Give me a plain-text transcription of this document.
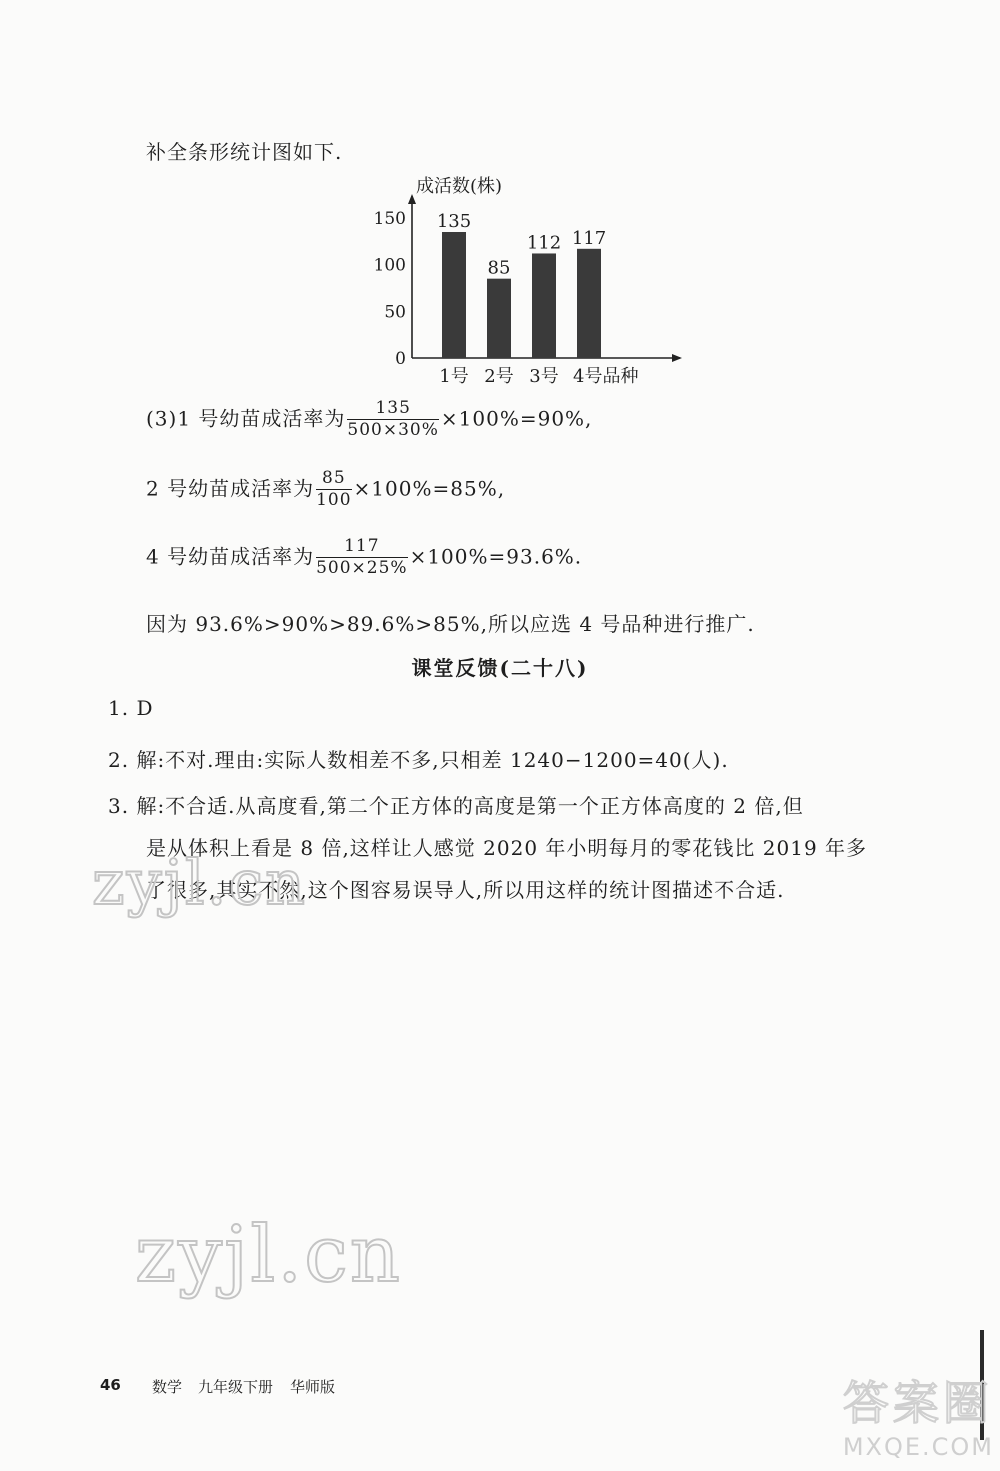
补全条形统计图如下.
成活数(株)
0
50
100
150 135
1号
85
2号
112
3号
117
4号品种
(3)1 号幼苗成活率为 $\frac{135}{500\times 30\%} \times 100\%=90\%$,
2 号幼苗成活率为 $\frac{85}{100} \times 100\%=85\%$,
4 号幼苗成活率为 $\frac{117}{500\times 25\%} \times 100\%=93.6\%$.
因为 93.6%>90%>89.6%>85%,所以应选 4 号品种进行推广.
课堂反馈(二十八)
1. D
2. 解:不对.理由:实际人数相差不多,只相差 1240−1200=40(人).
3. 解:不合适.从高度看,第二个正方体的高度是第一个正方体高度的 2 倍,但
是从体积上看是 8 倍,这样让人感觉 2020 年小明每月的零花钱比 2019 年多
了很多,其实不然,这个图容易误导人,所以用这样的统计图描述不合适.
zyjl.cn
zyjl.cn
46 数学 九年级下册 华师版	答案圈
MXQE.COM
